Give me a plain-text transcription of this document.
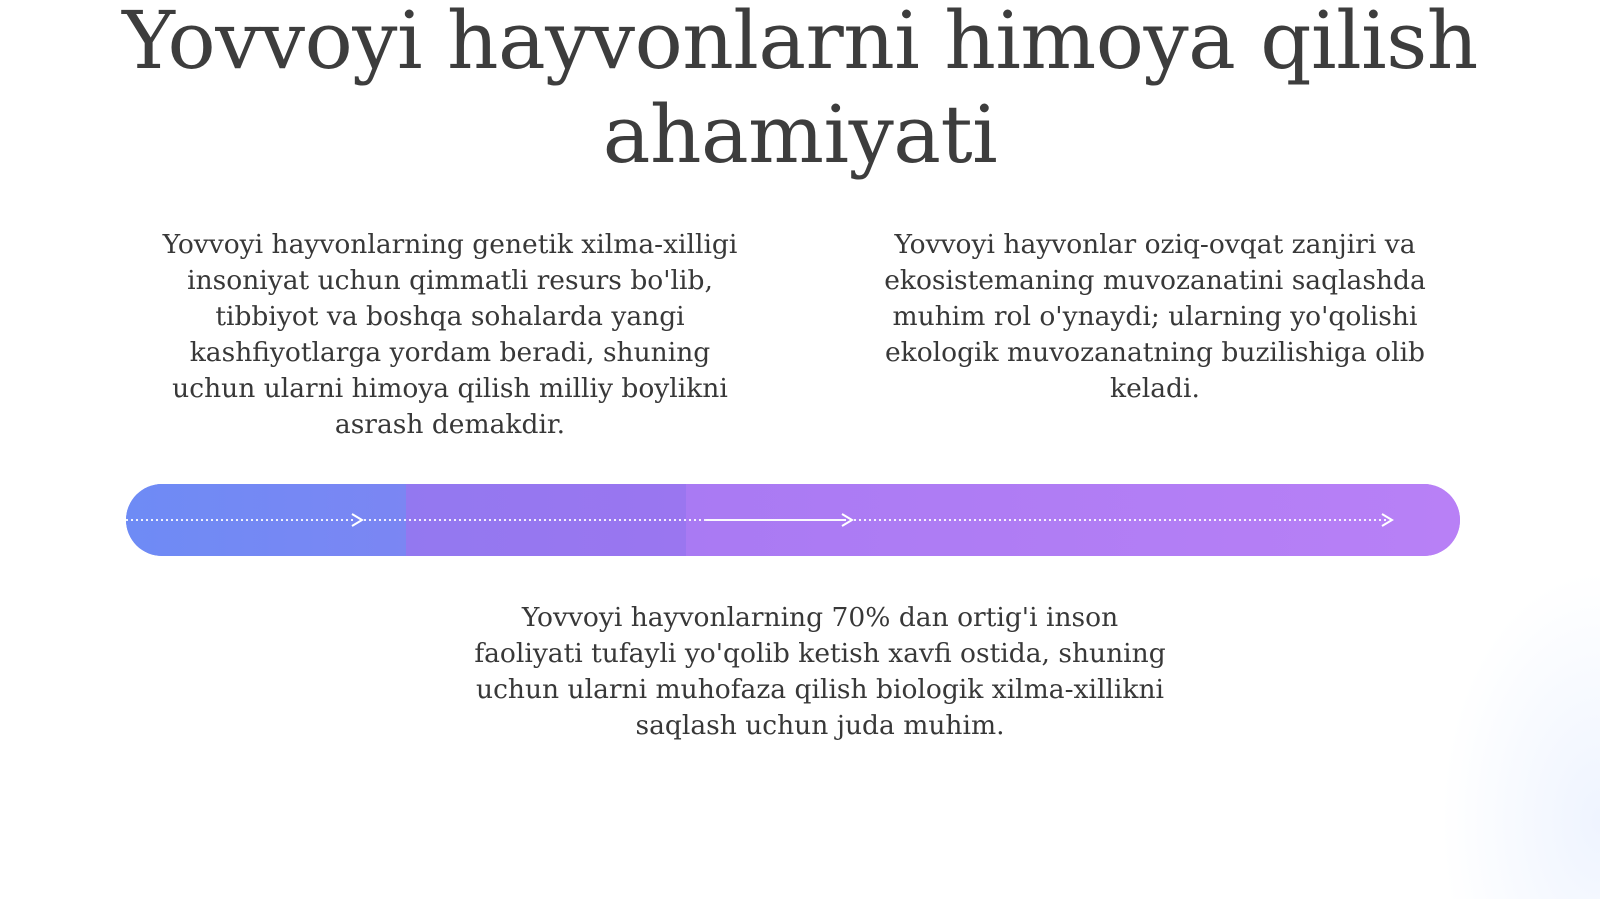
Yovvoyi hayvonlarni himoya qilish ahamiyati

Yovvoyi hayvonlarning genetik xilma-xilligi insoniyat uchun qimmatli resurs bo'lib, tibbiyot va boshqa sohalarda yangi kashfiyotlarga yordam beradi, shuning uchun ularni himoya qilish milliy boylikni asrash demakdir.

Yovvoyi hayvonlar oziq-ovqat zanjiri va ekosistemaning muvozanatini saqlashda muhim rol o'ynaydi; ularning yo'qolishi ekologik muvozanatning buzilishiga olib keladi.

Yovvoyi hayvonlarning 70% dan ortig'i inson faoliyati tufayli yo'qolib ketish xavfi ostida, shuning uchun ularni muhofaza qilish biologik xilma-xillikni saqlash uchun juda muhim.
